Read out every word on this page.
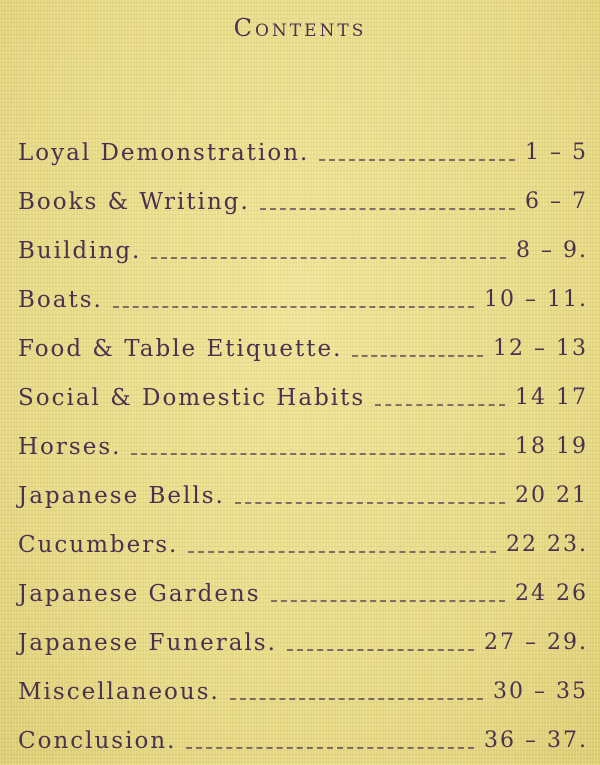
Contents
Loyal Demonstration.	1 – 5
Books & Writing.	6 – 7
Building.	8 – 9.
Boats.	10 – 11.
Food & Table Etiquette.	12 – 13
Social & Domestic Habits	14 17
Horses.	18 19
Japanese Bells.	20 21
Cucumbers.	22 23.
Japanese Gardens	24 26
Japanese Funerals.	27 – 29.
Miscellaneous.	30 – 35
Conclusion.	36 – 37.
